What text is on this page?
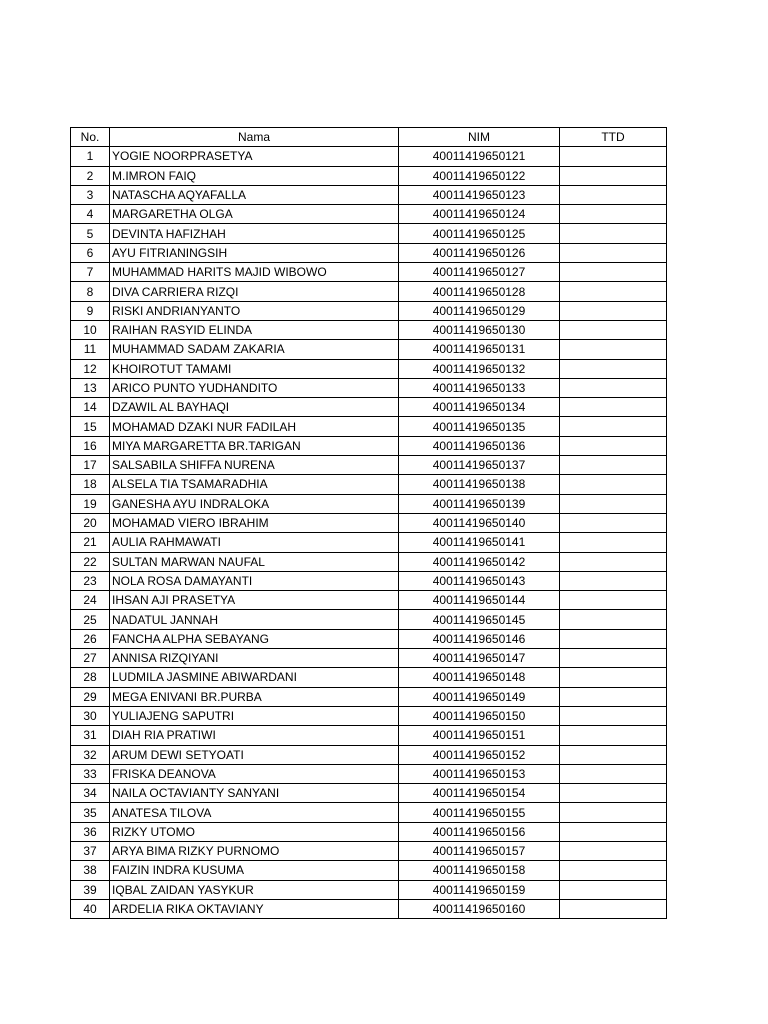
No.	Nama	NIM	TTD
1	YOGIE NOORPRASETYA	40011419650121	
2	M.IMRON FAIQ	40011419650122	
3	NATASCHA AQYAFALLA	40011419650123	
4	MARGARETHA OLGA	40011419650124	
5	DEVINTA HAFIZHAH	40011419650125	
6	AYU FITRIANINGSIH	40011419650126	
7	MUHAMMAD HARITS MAJID WIBOWO	40011419650127	
8	DIVA CARRIERA RIZQI	40011419650128	
9	RISKI ANDRIANYANTO	40011419650129	
10	RAIHAN RASYID ELINDA	40011419650130	
11	MUHAMMAD SADAM ZAKARIA	40011419650131	
12	KHOIROTUT TAMAMI	40011419650132	
13	ARICO PUNTO YUDHANDITO	40011419650133	
14	DZAWIL AL BAYHAQI	40011419650134	
15	MOHAMAD DZAKI NUR FADILAH	40011419650135	
16	MIYA MARGARETTA BR.TARIGAN	40011419650136	
17	SALSABILA SHIFFA NURENA	40011419650137	
18	ALSELA TIA TSAMARADHIA	40011419650138	
19	GANESHA AYU INDRALOKA	40011419650139	
20	MOHAMAD VIERO IBRAHIM	40011419650140	
21	AULIA RAHMAWATI	40011419650141	
22	SULTAN MARWAN NAUFAL	40011419650142	
23	NOLA ROSA DAMAYANTI	40011419650143	
24	IHSAN AJI PRASETYA	40011419650144	
25	NADATUL JANNAH	40011419650145	
26	FANCHA ALPHA SEBAYANG	40011419650146	
27	ANNISA RIZQIYANI	40011419650147	
28	LUDMILA JASMINE ABIWARDANI	40011419650148	
29	MEGA ENIVANI BR.PURBA	40011419650149	
30	YULIAJENG SAPUTRI	40011419650150	
31	DIAH RIA PRATIWI	40011419650151	
32	ARUM DEWI SETYOATI	40011419650152	
33	FRISKA DEANOVA	40011419650153	
34	NAILA OCTAVIANTY SANYANI	40011419650154	
35	ANATESA TILOVA	40011419650155	
36	RIZKY UTOMO	40011419650156	
37	ARYA BIMA RIZKY PURNOMO	40011419650157	
38	FAIZIN INDRA KUSUMA	40011419650158	
39	IQBAL ZAIDAN YASYKUR	40011419650159	
40	ARDELIA RIKA OKTAVIANY	40011419650160	
